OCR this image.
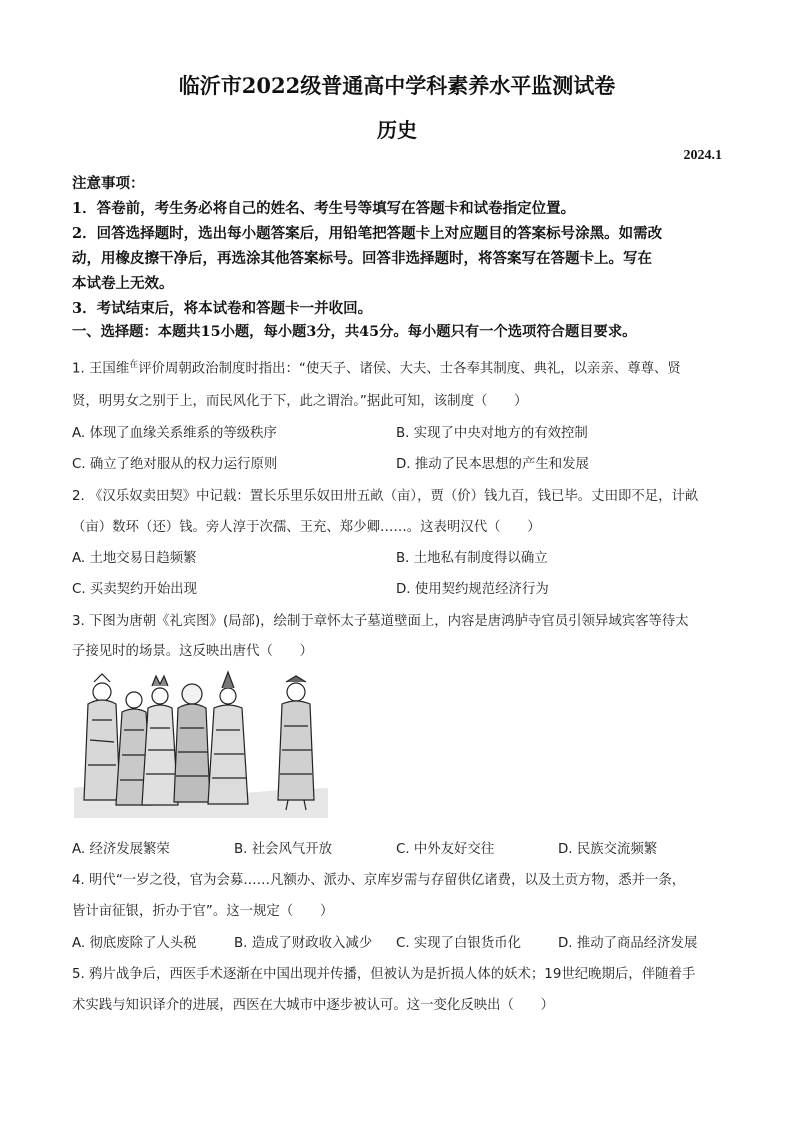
临沂市2022级普通高中学科素养水平监测试卷
历史
2024.1
注意事项：
1．答卷前，考生务必将自己的姓名、考生号等填写在答题卡和试卷指定位置。
2．回答选择题时，选出每小题答案后，用铅笔把答题卡上对应题目的答案标号涂黑。如需改
动，用橡皮擦干净后，再选涂其他答案标号。回答非选择题时，将答案写在答题卡上。写在
本试卷上无效。
3．考试结束后，将本试卷和答题卡一并收回。
一、选择题：本题共15小题，每小题3分，共45分。每小题只有一个选项符合题目要求。
1. 王国维$^在$评价周朝政治制度时指出：“使天子、诸侯、大夫、士各奉其制度、典礼，以亲亲、尊尊、贤
贤，明男女之别于上，而民风化于下，此之谓治。”据此可知，该制度（　　）
A. 体现了血缘关系维系的等级秩序	B. 实现了中央对地方的有效控制
C. 确立了绝对服从的权力运行原则	D. 推动了民本思想的产生和发展
2. 《汉乐奴卖田契》中记载：置长乐里乐奴田卅五畝（亩），贾（价）钱九百，钱已毕。丈田即不足，计畝
（亩）数环（还）钱。旁人淳于次孺、王充、郑少卿……。这表明汉代（　　）
A. 土地交易日趋频繁	B. 土地私有制度得以确立
C. 买卖契约开始出现	D. 使用契约规范经济行为
3. 下图为唐朝《礼宾图》(局部)，绘制于章怀太子墓道壁面上，内容是唐鸿胪寺官员引领异域宾客等待太
子接见时的场景。这反映出唐代（　　）
A. 经济发展繁荣	B. 社会风气开放	C. 中外友好交往	D. 民族交流频繁
4. 明代“一岁之役，官为会募……凡额办、派办、京库岁需与存留供亿诸费，以及土贡方物，悉并一条，
皆计亩征银，折办于官”。这一规定（　　）
A. 彻底废除了人头税	B. 造成了财政收入减少 C. 实现了白银货币化	D. 推动了商品经济发展
5. 鸦片战争后，西医手术逐渐在中国出现并传播，但被认为是折损人体的妖术；19世纪晚期后，伴随着手
术实践与知识译介的进展，西医在大城市中逐步被认可。这一变化反映出（　　）
